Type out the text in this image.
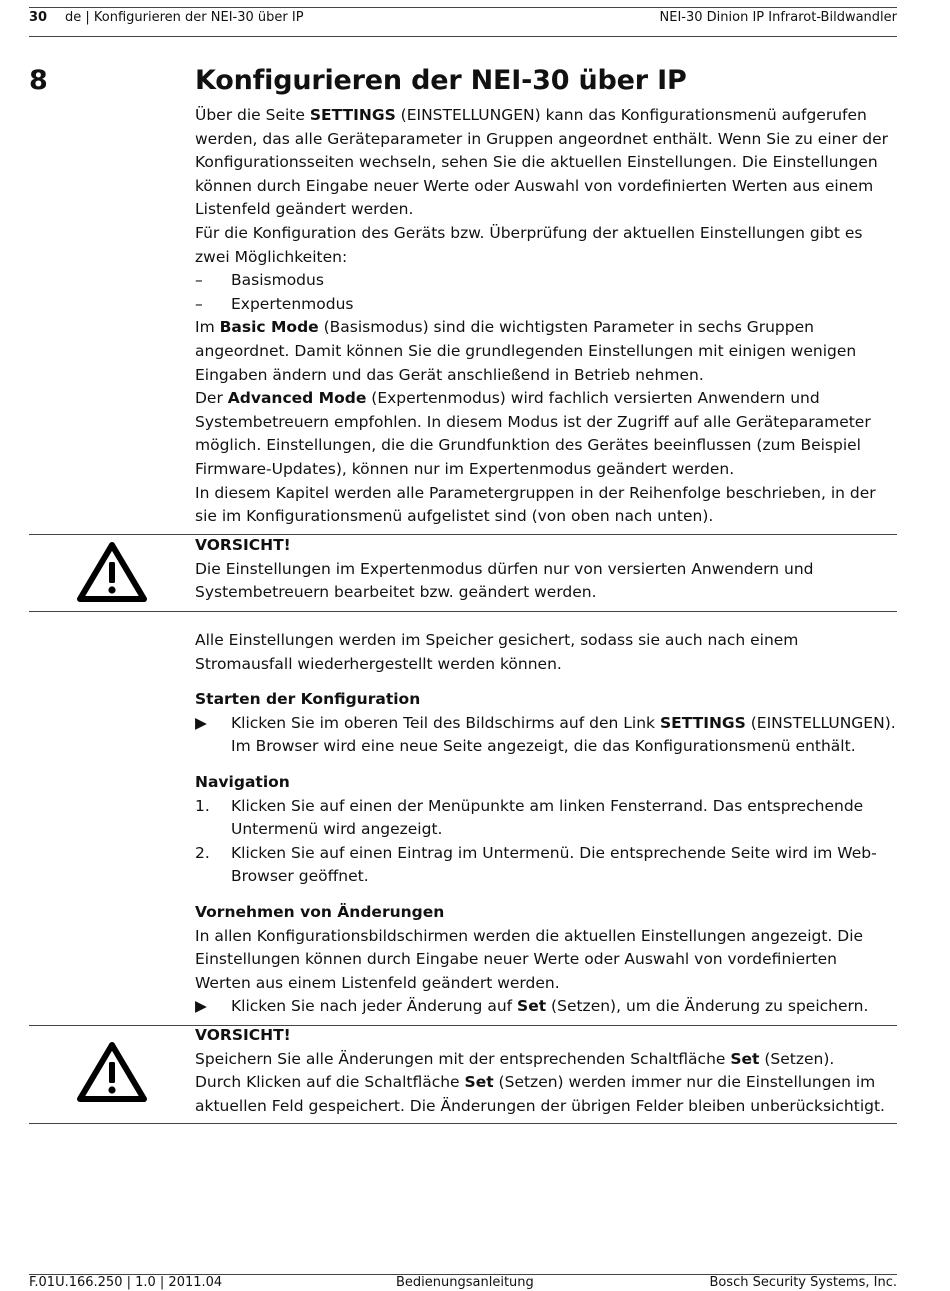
30 de | Konfigurieren der NEI-30 über IP	NEI-30 Dinion IP Infrarot-Bildwandler
8	Konfigurieren der NEI-30 über IP

Über die Seite SETTINGS (EINSTELLUNGEN) kann das Konfigurationsmenü aufgerufen werden, das alle Geräteparameter in Gruppen angeordnet enthält. Wenn Sie zu einer der Konfigurationsseiten wechseln, sehen Sie die aktuellen Einstellungen. Die Einstellungen können durch Eingabe neuer Werte oder Auswahl von vordefinierten Werten aus einem Listenfeld geändert werden.

Für die Konfiguration des Geräts bzw. Überprüfung der aktuellen Einstellungen gibt es zwei Möglichkeiten:

– Basismodus
– Expertenmodus

Im Basic Mode (Basismodus) sind die wichtigsten Parameter in sechs Gruppen angeordnet. Damit können Sie die grundlegenden Einstellungen mit einigen wenigen Eingaben ändern und das Gerät anschließend in Betrieb nehmen.

Der Advanced Mode (Expertenmodus) wird fachlich versierten Anwendern und Systembetreuern empfohlen. In diesem Modus ist der Zugriff auf alle Geräteparameter möglich. Einstellungen, die die Grundfunktion des Gerätes beeinflussen (zum Beispiel Firmware-Updates), können nur im Expertenmodus geändert werden.

In diesem Kapitel werden alle Parametergruppen in der Reihenfolge beschrieben, in der sie im Konfigurationsmenü aufgelistet sind (von oben nach unten).

VORSICHT!

Die Einstellungen im Expertenmodus dürfen nur von versierten Anwendern und Systembetreuern bearbeitet bzw. geändert werden.

Alle Einstellungen werden im Speicher gesichert, sodass sie auch nach einem Stromausfall wiederhergestellt werden können.

Starten der Konfiguration
▶ Klicken Sie im oberen Teil des Bildschirms auf den Link SETTINGS (EINSTELLUNGEN). Im Browser wird eine neue Seite angezeigt, die das Konfigurationsmenü enthält.
Navigation
1. Klicken Sie auf einen der Menüpunkte am linken Fensterrand. Das entsprechende Untermenü wird angezeigt.
2. Klicken Sie auf einen Eintrag im Untermenü. Die entsprechende Seite wird im Web-Browser geöffnet.
Vornehmen von Änderungen

In allen Konfigurationsbildschirmen werden die aktuellen Einstellungen angezeigt. Die Einstellungen können durch Eingabe neuer Werte oder Auswahl von vordefinierten Werten aus einem Listenfeld geändert werden.

▶ Klicken Sie nach jeder Änderung auf Set (Setzen), um die Änderung zu speichern.
VORSICHT!

Speichern Sie alle Änderungen mit der entsprechenden Schaltfläche Set (Setzen).

Durch Klicken auf die Schaltfläche Set (Setzen) werden immer nur die Einstellungen im aktuellen Feld gespeichert. Die Änderungen der übrigen Felder bleiben unberücksichtigt.

F.01U.166.250 | 1.0 | 2011.04	Bedienungsanleitung	Bosch Security Systems, Inc.
